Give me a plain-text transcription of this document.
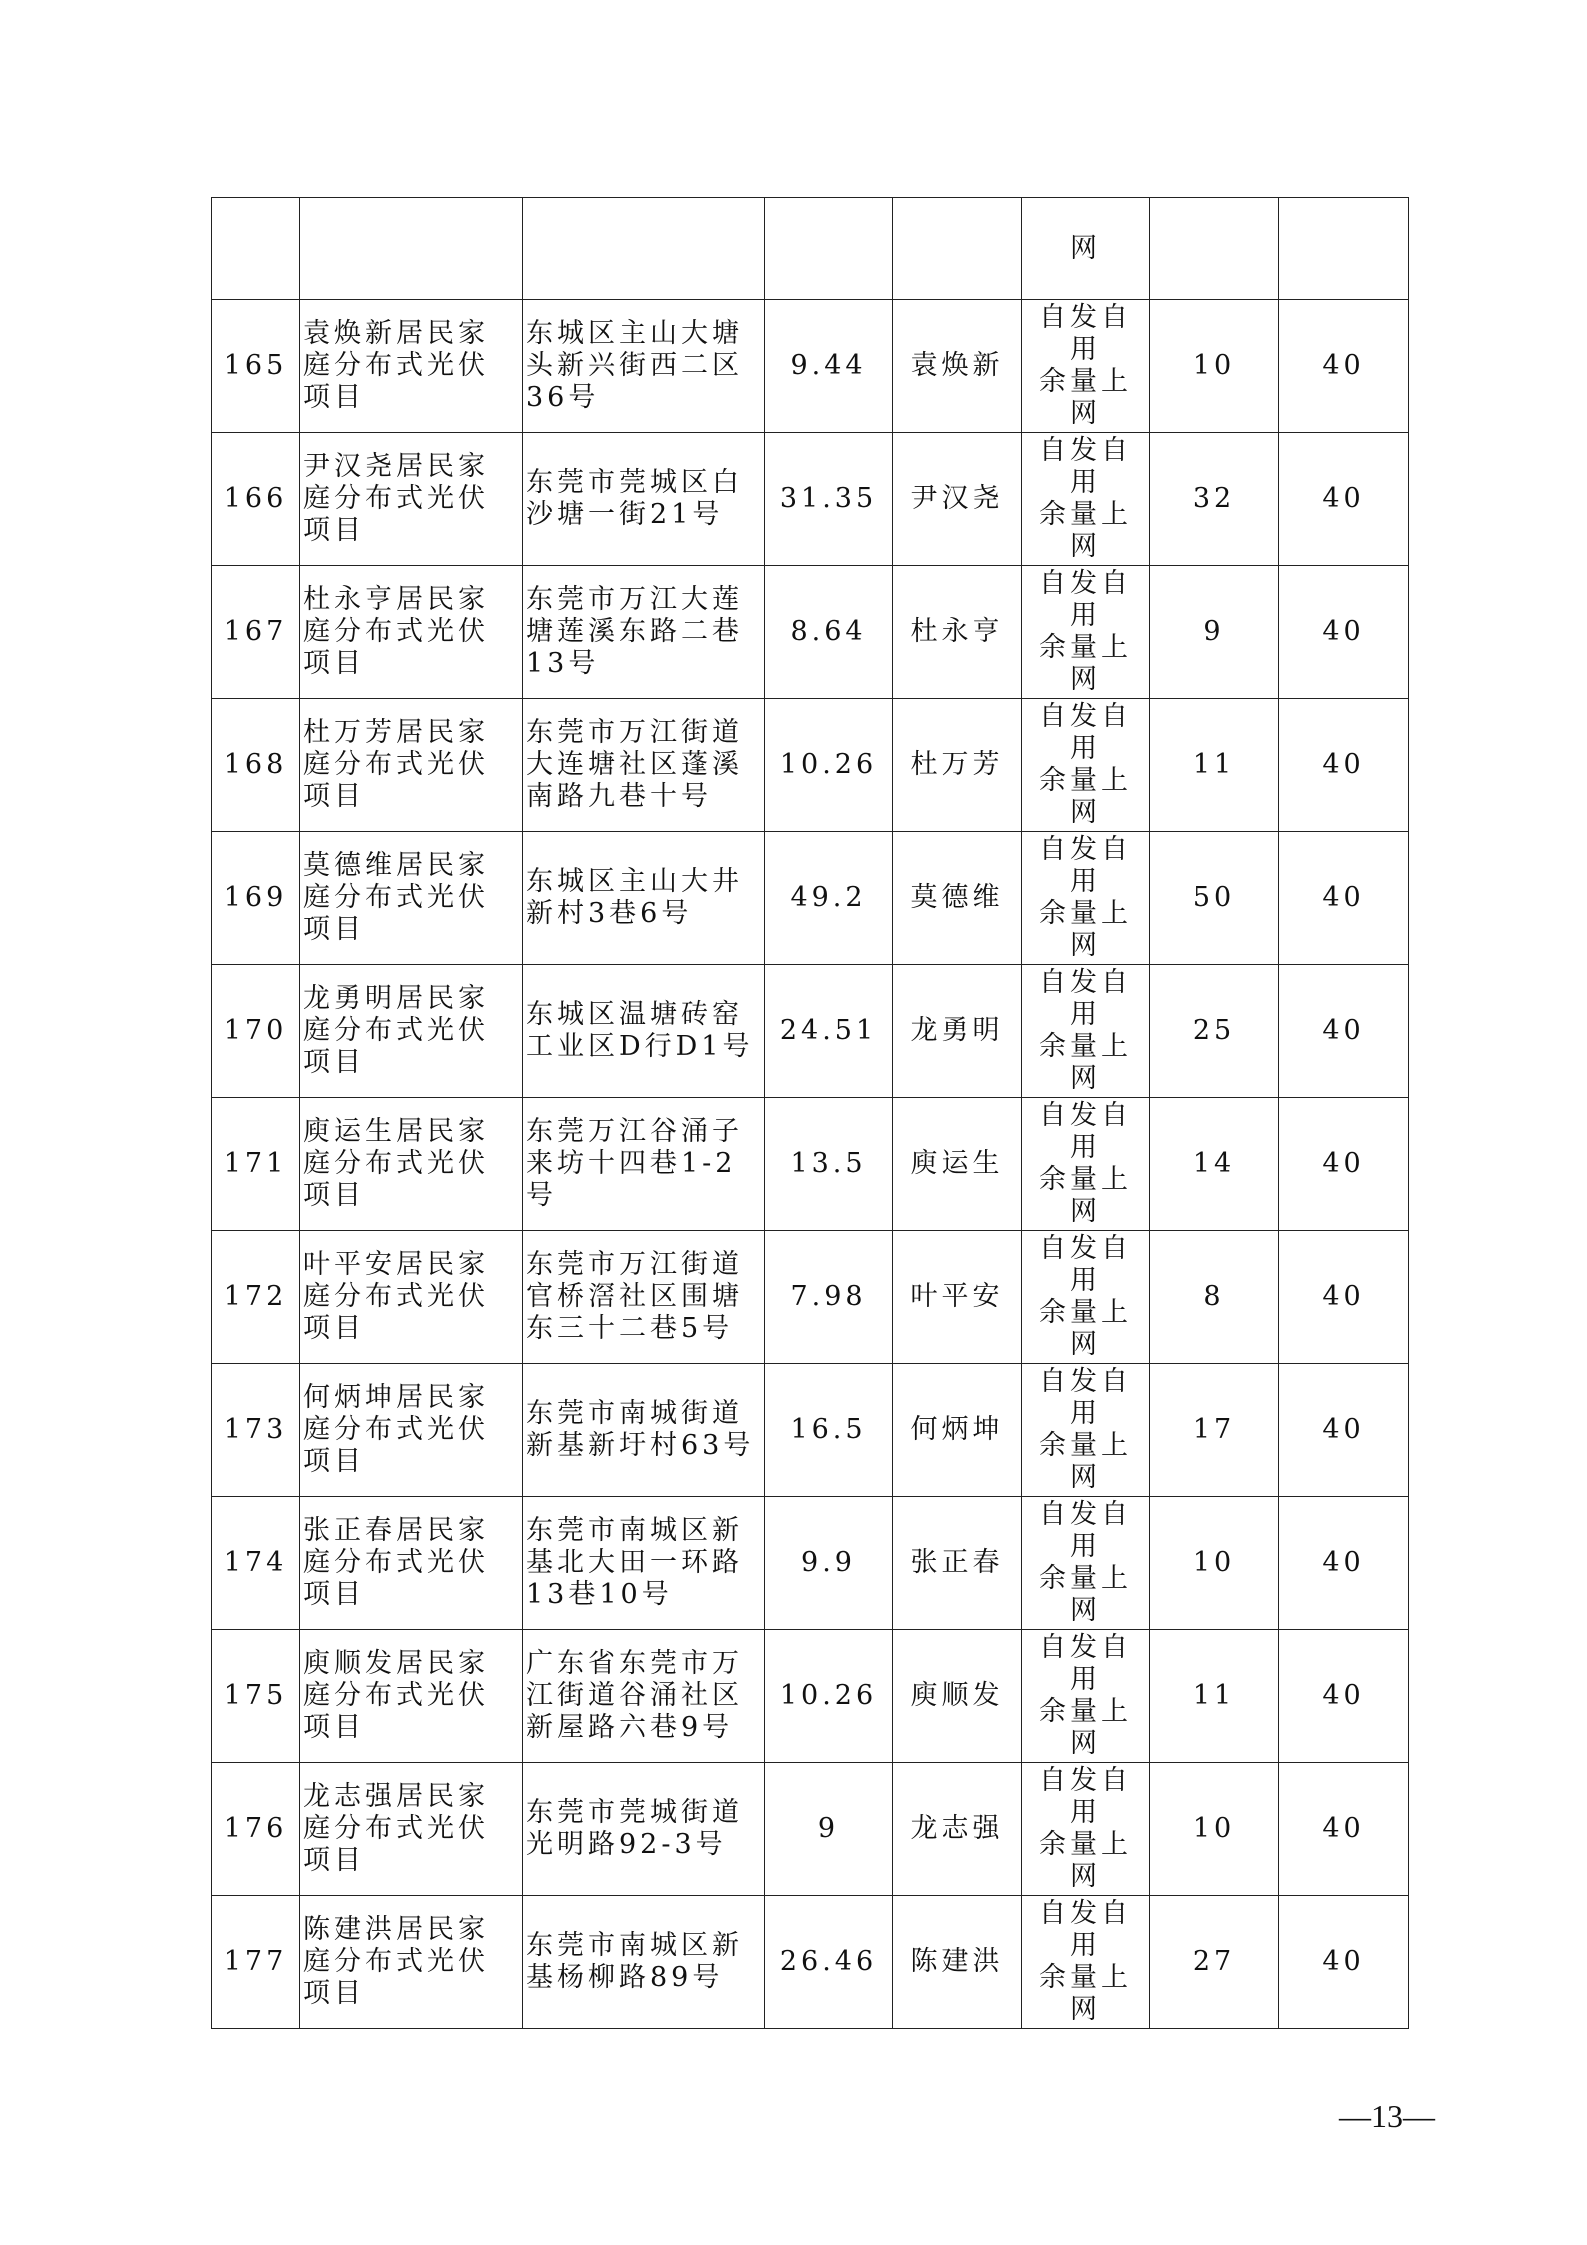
					网		
165	袁焕新居民家庭分布式光伏项目	东城区主山大塘头新兴街西二区36号	9.44	袁焕新	自发自
用
余量上
网	10	40
166	尹汉尧居民家庭分布式光伏项目	东莞市莞城区白沙塘一街21号	31.35	尹汉尧	自发自
用
余量上
网	32	40
167	杜永亨居民家庭分布式光伏项目	东莞市万江大莲塘莲溪东路二巷13号	8.64	杜永亨	自发自
用
余量上
网	9	40
168	杜万芳居民家庭分布式光伏项目	东莞市万江街道大连塘社区蓬溪南路九巷十号	10.26	杜万芳	自发自
用
余量上
网	11	40
169	莫德维居民家庭分布式光伏项目	东城区主山大井新村3巷6号	49.2	莫德维	自发自
用
余量上
网	50	40
170	龙勇明居民家庭分布式光伏项目	东城区温塘砖窑工业区D行D1号	24.51	龙勇明	自发自
用
余量上
网	25	40
171	庾运生居民家庭分布式光伏项目	东莞万江谷涌子来坊十四巷1-2号	13.5	庾运生	自发自
用
余量上
网	14	40
172	叶平安居民家庭分布式光伏项目	东莞市万江街道官桥滘社区围塘东三十二巷5号	7.98	叶平安	自发自
用
余量上
网	8	40
173	何炳坤居民家庭分布式光伏项目	东莞市南城街道新基新圩村63号	16.5	何炳坤	自发自
用
余量上
网	17	40
174	张正春居民家庭分布式光伏项目	东莞市南城区新基北大田一环路13巷10号	9.9	张正春	自发自
用
余量上
网	10	40
175	庾顺发居民家庭分布式光伏项目	广东省东莞市万江街道谷涌社区新屋路六巷9号	10.26	庾顺发	自发自
用
余量上
网	11	40
176	龙志强居民家庭分布式光伏项目	东莞市莞城街道光明路92-3号	9	龙志强	自发自
用
余量上
网	10	40
177	陈建洪居民家庭分布式光伏项目	东莞市南城区新基杨柳路89号	26.46	陈建洪	自发自
用
余量上
网	27	40
—13—
